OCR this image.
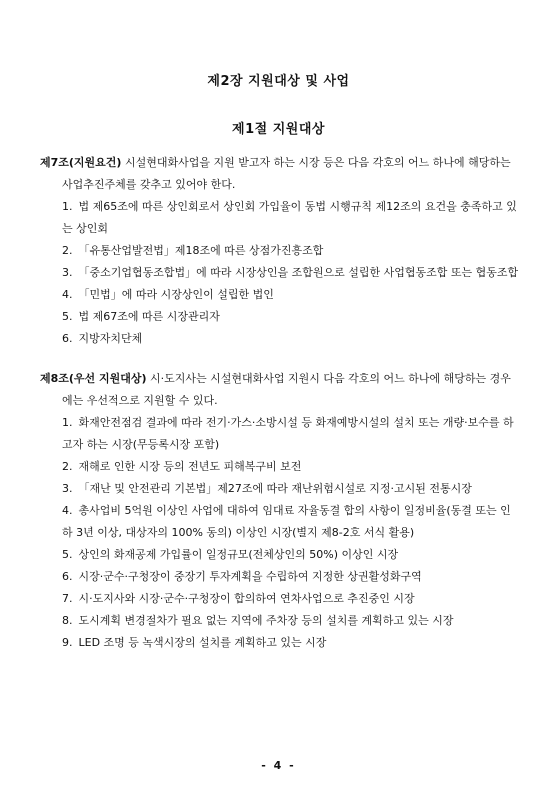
제2장 지원대상 및 사업
제1절 지원대상

제7조(지원요건) 시설현대화사업을 지원 받고자 하는 시장 등은 다음 각호의 어느 하나에 해당하는 사업추진주체를 갖추고 있어야 한다.

1. 법 제65조에 따른 상인회로서 상인회 가입율이 동법 시행규칙 제12조의 요건을 충족하고 있는 상인회
2. 「유통산업발전법」제18조에 따른 상점가진흥조합
3. 「중소기업협동조합법」에 따라 시장상인을 조합원으로 설립한 사업협동조합 또는 협동조합
4. 「민법」에 따라 시장상인이 설립한 법인
5. 법 제67조에 따른 시장관리자
6. 지방자치단체

제8조(우선 지원대상) 시·도지사는 시설현대화사업 지원시 다음 각호의 어느 하나에 해당하는 경우에는 우선적으로 지원할 수 있다.

1. 화재안전점검 결과에 따라 전기·가스·소방시설 등 화재예방시설의 설치 또는 개량·보수를 하고자 하는 시장(무등록시장 포함)
2. 재해로 인한 시장 등의 전년도 피해복구비 보전
3. 「재난 및 안전관리 기본법」제27조에 따라 재난위험시설로 지정·고시된 전통시장
4. 총사업비 5억원 이상인 사업에 대하여 임대료 자율동결 합의 사항이 일정비율(동결 또는 인하 3년 이상, 대상자의 100% 동의) 이상인 시장(별지 제8-2호 서식 활용)
5. 상인의 화재공제 가입률이 일정규모(전체상인의 50%) 이상인 시장
6. 시장·군수·구청장이 중장기 투자계획을 수립하여 지정한 상권활성화구역
7. 시·도지사와 시장·군수·구청장이 합의하여 연차사업으로 추진중인 시장
8. 도시계획 변경절차가 필요 없는 지역에 주차장 등의 설치를 계획하고 있는 시장
9. LED 조명 등 녹색시장의 설치를 계획하고 있는 시장
- 4 -
